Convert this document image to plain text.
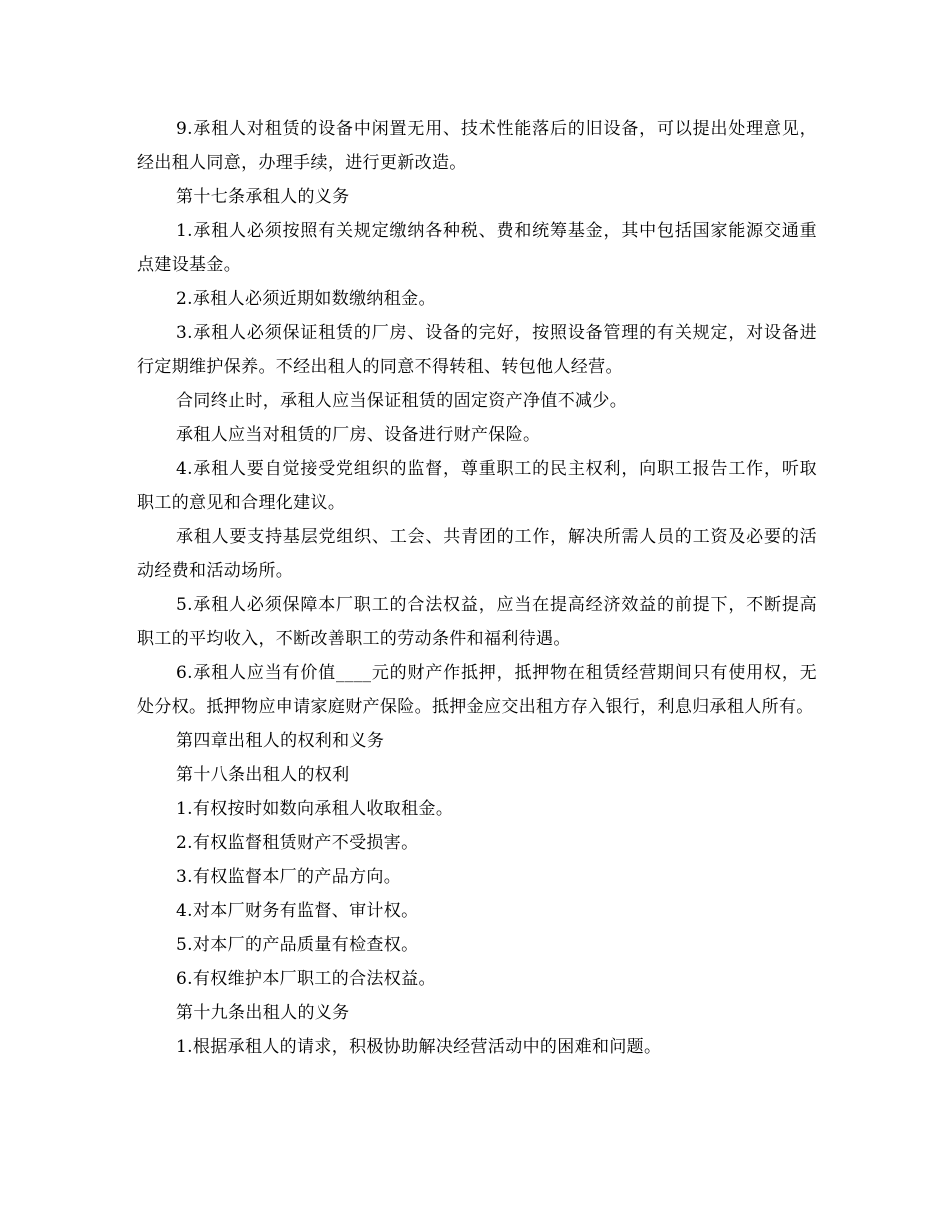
9.承租人对租赁的设备中闲置无用、技术性能落后的旧设备，可以提出处理意见，经出租人同意，办理手续，进行更新改造。

第十七条承租人的义务

1.承租人必须按照有关规定缴纳各种税、费和统筹基金，其中包括国家能源交通重点建设基金。

2.承租人必须近期如数缴纳租金。

3.承租人必须保证租赁的厂房、设备的完好，按照设备管理的有关规定，对设备进行定期维护保养。不经出租人的同意不得转租、转包他人经营。

合同终止时，承租人应当保证租赁的固定资产净值不减少。

承租人应当对租赁的厂房、设备进行财产保险。

4.承租人要自觉接受党组织的监督，尊重职工的民主权利，向职工报告工作，听取职工的意见和合理化建议。

承租人要支持基层党组织、工会、共青团的工作，解决所需人员的工资及必要的活动经费和活动场所。

5.承租人必须保障本厂职工的合法权益，应当在提高经济效益的前提下，不断提高职工的平均收入，不断改善职工的劳动条件和福利待遇。

6.承租人应当有价值____元的财产作抵押，抵押物在租赁经营期间只有使用权，无处分权。抵押物应申请家庭财产保险。抵押金应交出租方存入银行，利息归承租人所有。

第四章出租人的权利和义务

第十八条出租人的权利

1.有权按时如数向承租人收取租金。

2.有权监督租赁财产不受损害。

3.有权监督本厂的产品方向。

4.对本厂财务有监督、审计权。

5.对本厂的产品质量有检查权。

6.有权维护本厂职工的合法权益。

第十九条出租人的义务

1.根据承租人的请求，积极协助解决经营活动中的困难和问题。
